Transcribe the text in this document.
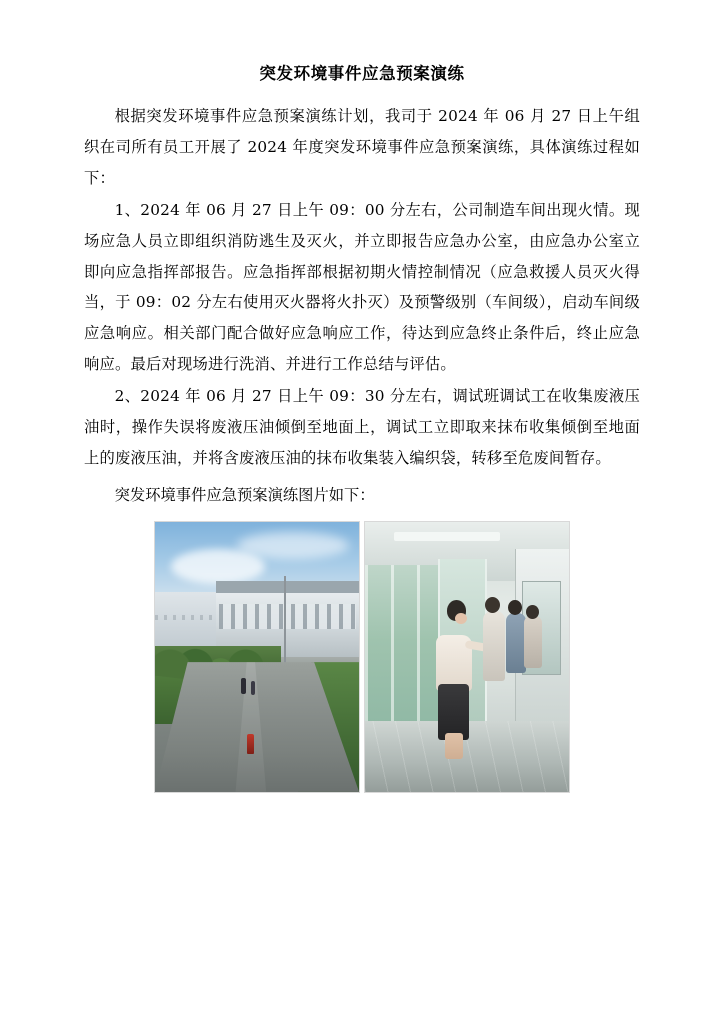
突发环境事件应急预案演练

根据突发环境事件应急预案演练计划，我司于 2024 年 06 月 27 日上午组织在司所有员工开展了 2024 年度突发环境事件应急预案演练，具体演练过程如下：

1、2024 年 06 月 27 日上午 09：00 分左右，公司制造车间出现火情。现场应急人员立即组织消防逃生及灭火，并立即报告应急办公室，由应急办公室立即向应急指挥部报告。应急指挥部根据初期火情控制情况（应急救援人员灭火得当，于 09：02 分左右使用灭火器将火扑灭）及预警级别（车间级），启动车间级应急响应。相关部门配合做好应急响应工作，待达到应急终止条件后，终止应急响应。最后对现场进行洗消、并进行工作总结与评估。

2、2024 年 06 月 27 日上午 09：30 分左右，调试班调试工在收集废液压油时，操作失误将废液压油倾倒至地面上，调试工立即取来抹布收集倾倒至地面上的废液压油，并将含废液压油的抹布收集装入编织袋，转移至危废间暂存。

突发环境事件应急预案演练图片如下：
